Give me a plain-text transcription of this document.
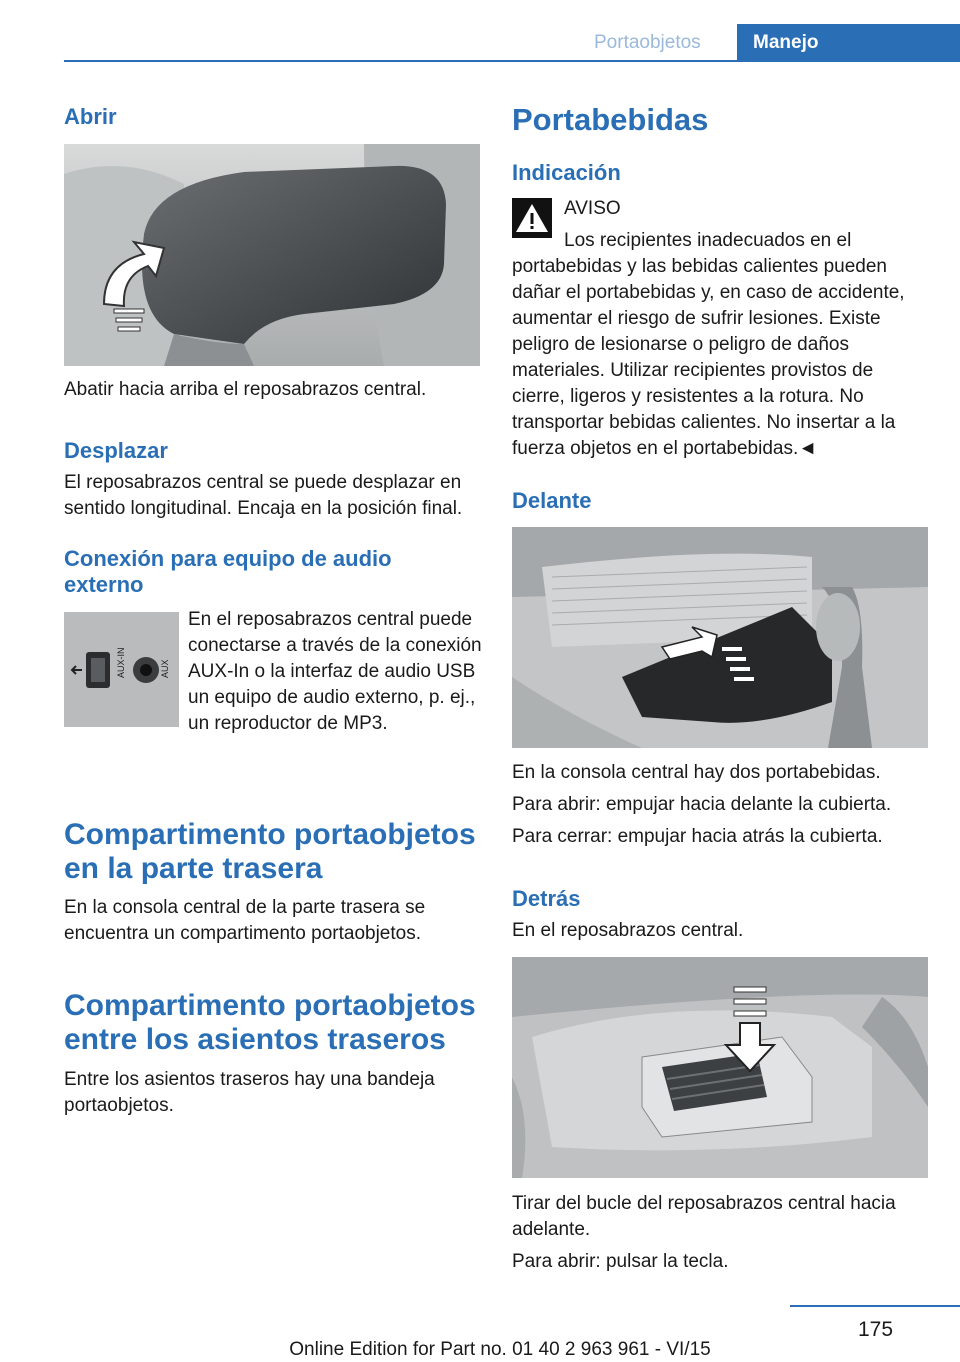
Portaobjetos	Manejo
Abrir
Abatir hacia arriba el reposabrazos central.
Desplazar
El reposabrazos central se puede desplazar en sentido longitudinal. Encaja en la posición final.
Conexión para equipo de audio externo
AUX-IN	AUX
En el reposabrazos central puede conectarse a través de la conexión AUX-In o la interfaz de audio USB un equipo de audio externo, p. ej., un reproductor de MP3.
Compartimento portaobjetos en la parte trasera
En la consola central de la parte trasera se encuentra un compartimento portaobjetos.
Compartimento portaobjetos entre los asientos traseros
Entre los asientos traseros hay una bandeja portaobjetos.
Portabebidas
Indicación
AVISO
Los recipientes inadecuados en el portabebidas y las bebidas calientes pueden dañar el portabebidas y, en caso de accidente, aumentar el riesgo de sufrir lesiones. Existe peligro de lesionarse o peligro de daños materiales. Utilizar recipientes provistos de cierre, ligeros y resistentes a la rotura. No transportar bebidas calientes. No insertar a la fuerza objetos en el portabebidas.◄
Delante
En la consola central hay dos portabebidas.
Para abrir: empujar hacia delante la cubierta.
Para cerrar: empujar hacia atrás la cubierta.
Detrás
En el reposabrazos central.
Tirar del bucle del reposabrazos central hacia adelante.
Para abrir: pulsar la tecla.
175
Online Edition for Part no. 01 40 2 963 961 - VI/15
